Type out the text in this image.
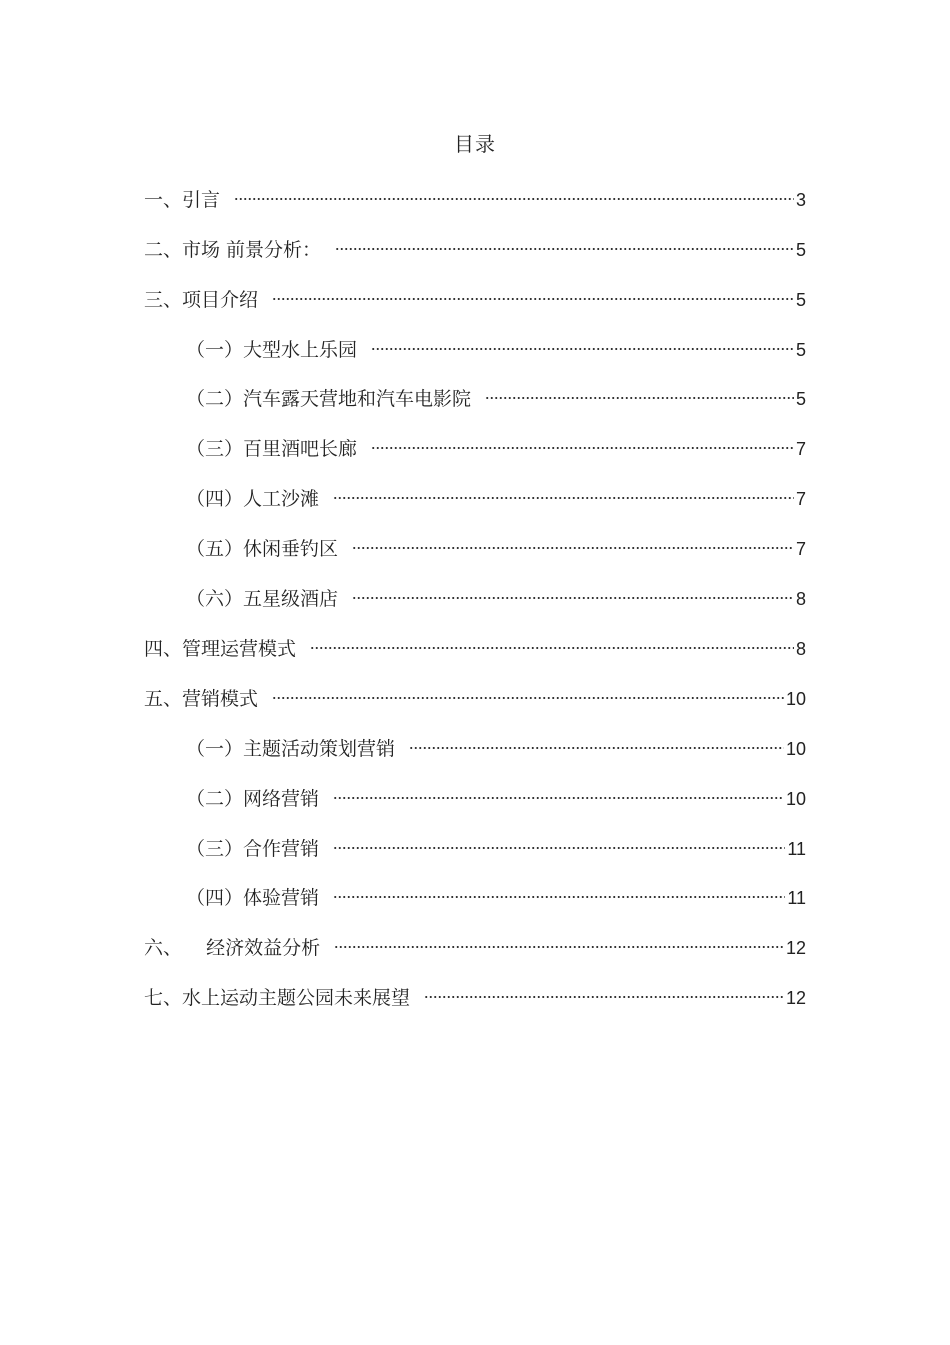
目录
一、引言	3
二、市场 前景分析：	5
三、项目介绍	5
（一）大型水上乐园	5
（二）汽车露天营地和汽车电影院	5
（三）百里酒吧长廊	7
（四）人工沙滩	7
（五）休闲垂钓区	7
（六）五星级酒店	8
四、管理运营模式	8
五、营销模式	10
（一）主题活动策划营销	10
（二）网络营销	10
（三）合作营销	11
（四）体验营销	11
六、    经济效益分析	12
七、水上运动主题公园未来展望	12
